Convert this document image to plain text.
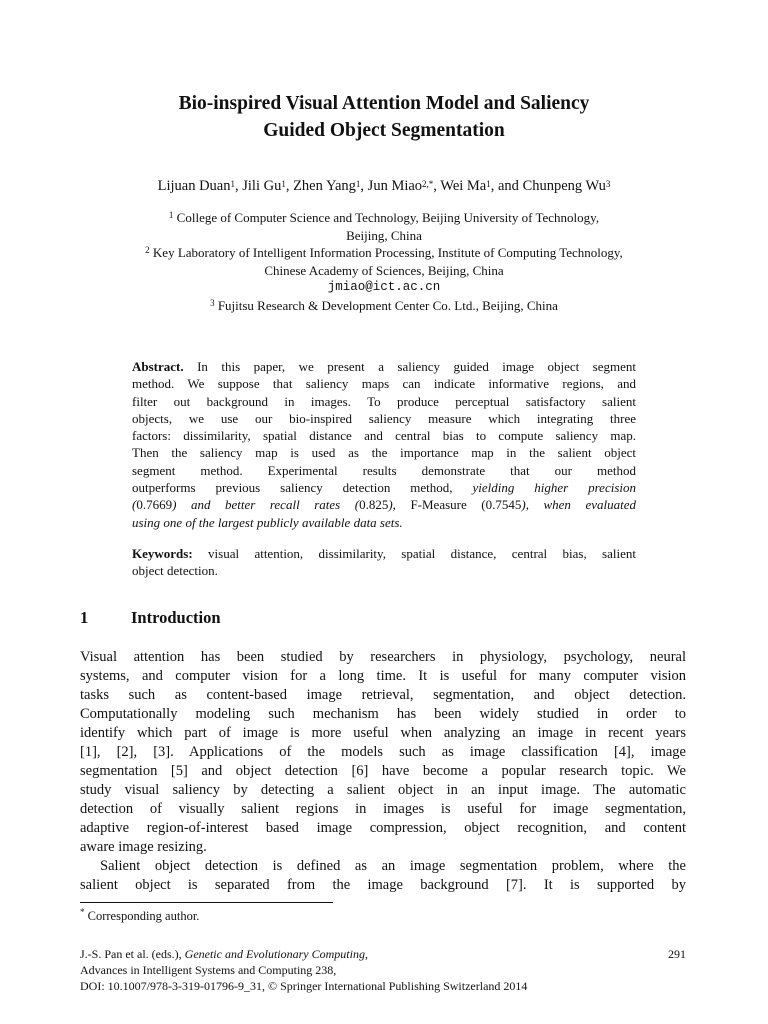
Bio-inspired Visual Attention Model and Saliency
Guided Object Segmentation
Lijuan Duan$^1$, Jili Gu$^1$, Zhen Yang$^1$, Jun Miao$^{2,*}$, Wei Ma$^1$, and Chunpeng Wu$^3$
$^1$ College of Computer Science and Technology, Beijing University of Technology,
Beijing, China
$^2$ Key Laboratory of Intelligent Information Processing, Institute of Computing Technology,
Chinese Academy of Sciences, Beijing, China
jmiao@ict.ac.cn
$^3$ Fujitsu Research & Development Center Co. Ltd., Beijing, China
Abstract. In this paper, we present a saliency guided image object segment
method. We suppose that saliency maps can indicate informative regions, and
filter out background in images. To produce perceptual satisfactory salient
objects, we use our bio-inspired saliency measure which integrating three
factors: dissimilarity, spatial distance and central bias to compute saliency map.
Then the saliency map is used as the importance map in the salient object
segment method. Experimental results demonstrate that our method
outperforms previous saliency detection method, yielding higher precision
(0.7669) and better recall rates (0.825), F-Measure (0.7545), when evaluated
using one of the largest publicly available data sets.
Keywords: visual attention, dissimilarity, spatial distance, central bias, salient
object detection.
1	Introduction
Visual attention has been studied by researchers in physiology, psychology, neural
systems, and computer vision for a long time. It is useful for many computer vision
tasks such as content-based image retrieval, segmentation, and object detection.
Computationally modeling such mechanism has been widely studied in order to
identify which part of image is more useful when analyzing an image in recent years
[1], [2], [3]. Applications of the models such as image classification [4], image
segmentation [5] and object detection [6] have become a popular research topic. We
study visual saliency by detecting a salient object in an input image. The automatic
detection of visually salient regions in images is useful for image segmentation,
adaptive region-of-interest based image compression, object recognition, and content
aware image resizing.
Salient object detection is defined as an image segmentation problem, where the
salient object is separated from the image background [7]. It is supported by
* Corresponding author.
J.-S. Pan et al. (eds.), Genetic and Evolutionary Computing,	291
Advances in Intelligent Systems and Computing 238,
DOI: 10.1007/978-3-319-01796-9_31, © Springer International Publishing Switzerland 2014
